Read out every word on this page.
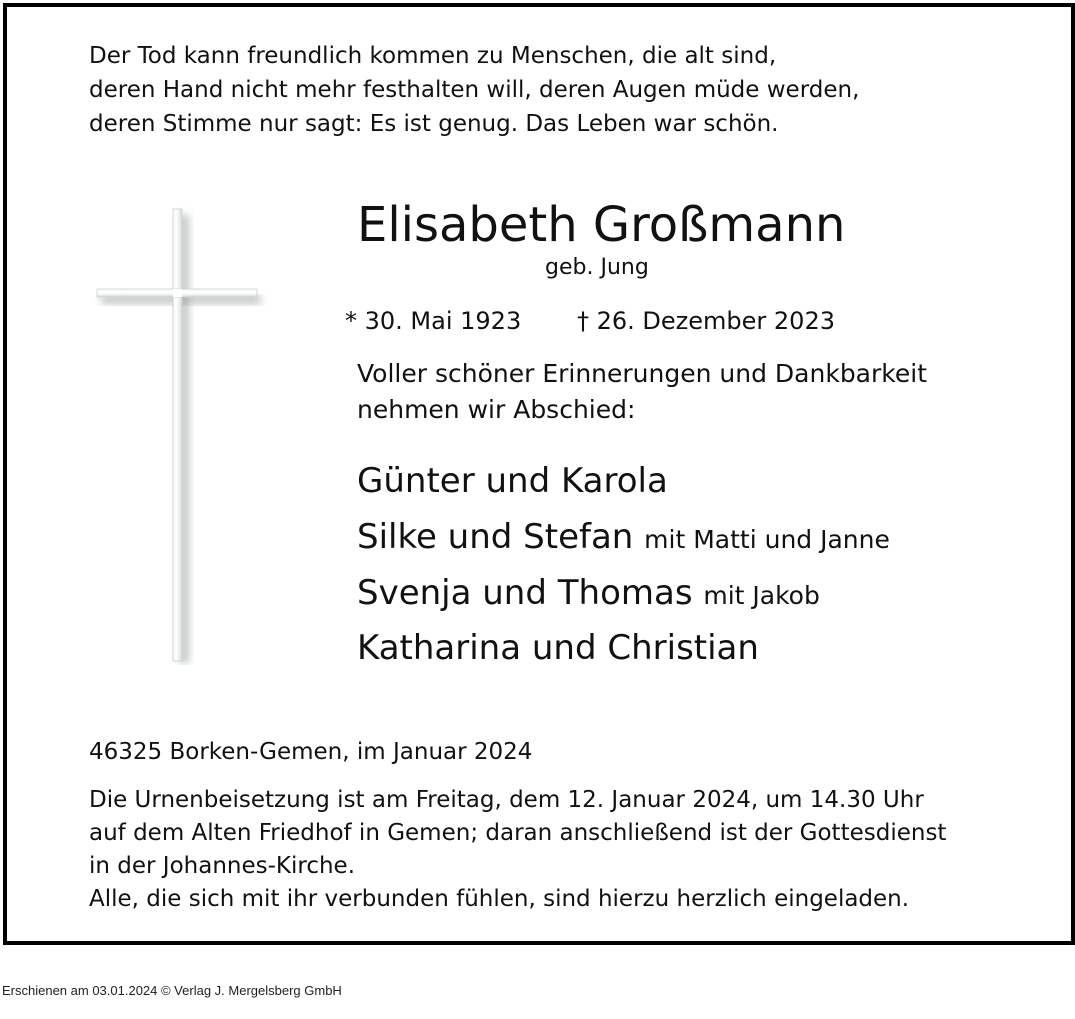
Der Tod kann freundlich kommen zu Menschen, die alt sind,

deren Hand nicht mehr festhalten will, deren Augen müde werden,

deren Stimme nur sagt: Es ist genug. Das Leben war schön.

Elisabeth Großmann
geb. Jung
* 30. Mai 1923 † 26. Dezember 2023

Voller schöner Erinnerungen und Dankbarkeit

nehmen wir Abschied:

Günter und Karola

Silke und Stefan mit Matti und Janne

Svenja und Thomas mit Jakob

Katharina und Christian

46325 Borken-Gemen, im Januar 2024

Die Urnenbeisetzung ist am Freitag, dem 12. Januar 2024, um 14.30 Uhr

auf dem Alten Friedhof in Gemen; daran anschließend ist der Gottesdienst

in der Johannes-Kirche.

Alle, die sich mit ihr verbunden fühlen, sind hierzu herzlich eingeladen.

Erschienen am 03.01.2024 © Verlag J. Mergelsberg GmbH
